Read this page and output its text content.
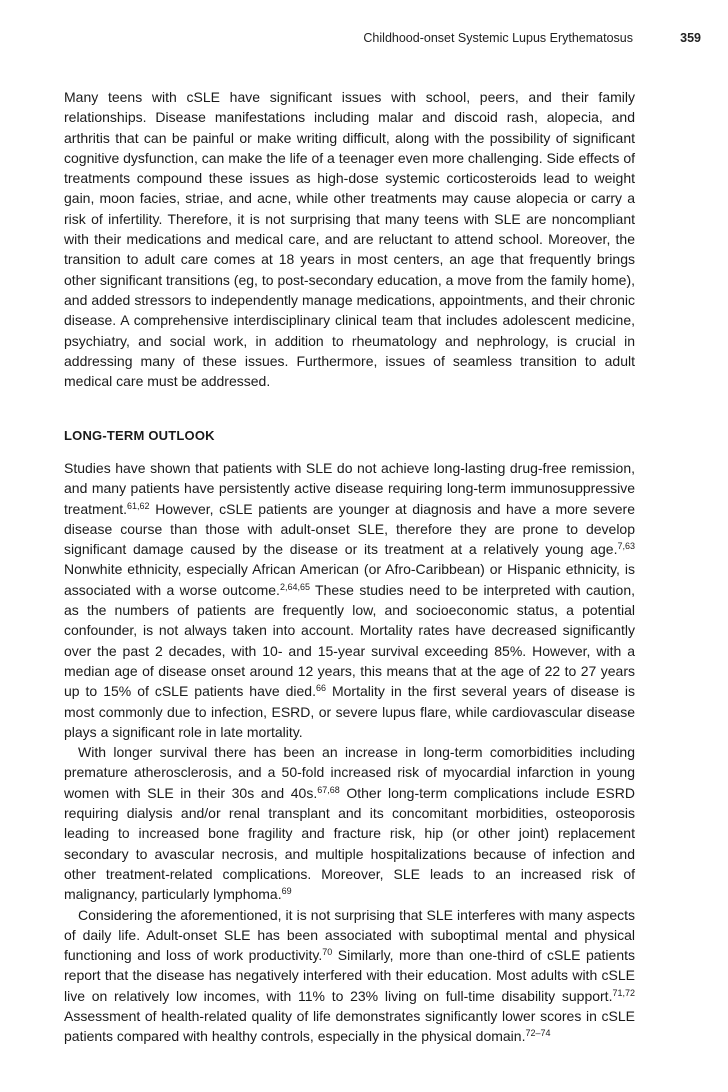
Childhood-onset Systemic Lupus Erythematosus	359

Many teens with cSLE have significant issues with school, peers, and their family relationships. Disease manifestations including malar and discoid rash, alopecia, and arthritis that can be painful or make writing difficult, along with the possibility of significant cognitive dysfunction, can make the life of a teenager even more challenging. Side effects of treatments compound these issues as high-dose systemic corticosteroids lead to weight gain, moon facies, striae, and acne, while other treatments may cause alopecia or carry a risk of infertility. Therefore, it is not surprising that many teens with SLE are noncompliant with their medications and medical care, and are reluctant to attend school. Moreover, the transition to adult care comes at 18 years in most centers, an age that frequently brings other significant transitions (eg, to post-secondary education, a move from the family home), and added stressors to independently manage medications, appointments, and their chronic disease. A comprehensive interdisciplinary clinical team that includes adolescent medicine, psychiatry, and social work, in addition to rheumatology and nephrology, is crucial in addressing many of these issues. Furthermore, issues of seamless transition to adult medical care must be addressed.

LONG-TERM OUTLOOK

Studies have shown that patients with SLE do not achieve long-lasting drug-free remission, and many patients have persistently active disease requiring long-term immunosuppressive treatment.$^{61,62}$ However, cSLE patients are younger at diagnosis and have a more severe disease course than those with adult-onset SLE, therefore they are prone to develop significant damage caused by the disease or its treatment at a relatively young age.$^{7,63}$ Nonwhite ethnicity, especially African American (or Afro-Caribbean) or Hispanic ethnicity, is associated with a worse outcome.$^{2,64,65}$ These studies need to be interpreted with caution, as the numbers of patients are frequently low, and socioeconomic status, a potential confounder, is not always taken into account. Mortality rates have decreased significantly over the past 2 decades, with 10- and 15-year survival exceeding 85%. However, with a median age of disease onset around 12 years, this means that at the age of 22 to 27 years up to 15% of cSLE patients have died.$^{66}$ Mortality in the first several years of disease is most commonly due to infection, ESRD, or severe lupus flare, while cardiovascular disease plays a significant role in late mortality.

With longer survival there has been an increase in long-term comorbidities including premature atherosclerosis, and a 50-fold increased risk of myocardial infarction in young women with SLE in their 30s and 40s.$^{67,68}$ Other long-term complications include ESRD requiring dialysis and/or renal transplant and its concomitant morbidities, osteoporosis leading to increased bone fragility and fracture risk, hip (or other joint) replacement secondary to avascular necrosis, and multiple hospitalizations because of infection and other treatment-related complications. Moreover, SLE leads to an increased risk of malignancy, particularly lymphoma.$^{69}$

Considering the aforementioned, it is not surprising that SLE interferes with many aspects of daily life. Adult-onset SLE has been associated with suboptimal mental and physical functioning and loss of work productivity.$^{70}$ Similarly, more than one-third of cSLE patients report that the disease has negatively interfered with their education. Most adults with cSLE live on relatively low incomes, with 11% to 23% living on full-time disability support.$^{71,72}$ Assessment of health-related quality of life demonstrates significantly lower scores in cSLE patients compared with healthy controls, especially in the physical domain.$^{72-74}$
